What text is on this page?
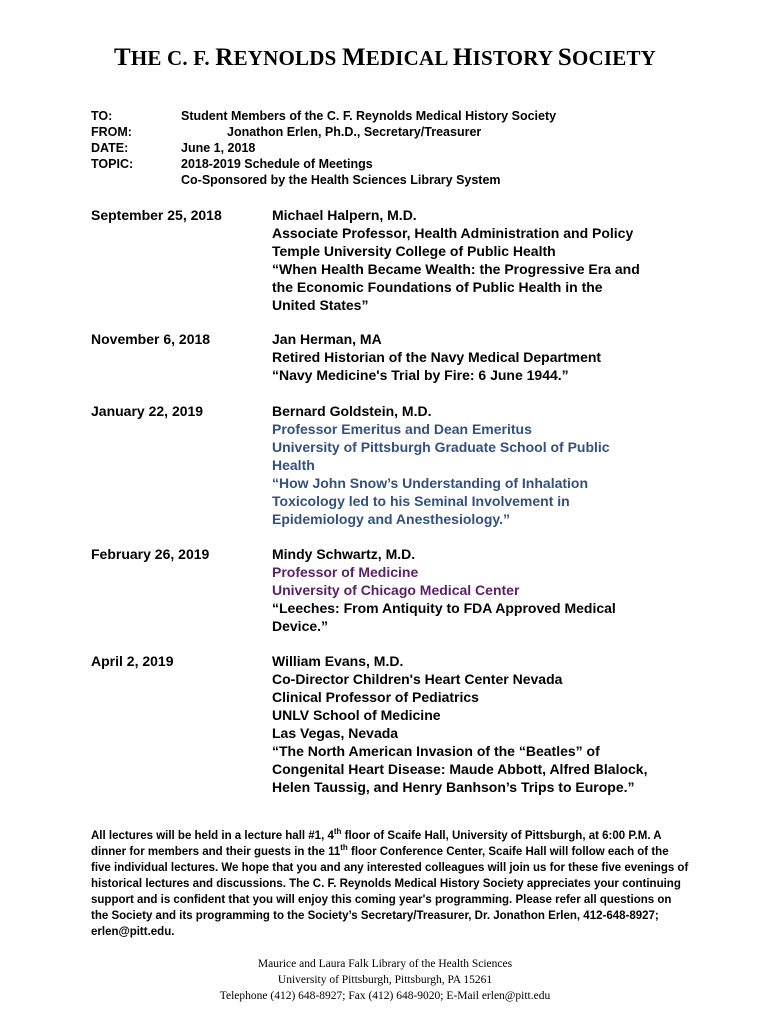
THE C. F. REYNOLDS MEDICAL HISTORY SOCIETY
TO:	Student Members of the C. F. Reynolds Medical History Society
FROM:	Jonathon Erlen, Ph.D., Secretary/Treasurer
DATE:	June 1, 2018
TOPIC:	2018-2019 Schedule of Meetings
Co-Sponsored by the Health Sciences Library System
September 25, 2018	Michael Halpern, M.D.
Associate Professor, Health Administration and Policy
Temple University College of Public Health
“When Health Became Wealth: the Progressive Era and
the Economic Foundations of Public Health in the
United States”
November 6, 2018	Jan Herman, MA
Retired Historian of the Navy Medical Department
“Navy Medicine's Trial by Fire: 6 June 1944.”
January 22, 2019	Bernard Goldstein, M.D.
Professor Emeritus and Dean Emeritus
University of Pittsburgh Graduate School of Public
Health
“How John Snow’s Understanding of Inhalation
Toxicology led to his Seminal Involvement in
Epidemiology and Anesthesiology.”
February 26, 2019	Mindy Schwartz, M.D.
Professor of Medicine
University of Chicago Medical Center
“Leeches: From Antiquity to FDA Approved Medical
Device.”
April 2, 2019	William Evans, M.D.
Co-Director Children's Heart Center Nevada
Clinical Professor of Pediatrics
UNLV School of Medicine
Las Vegas, Nevada
“The North American Invasion of the “Beatles” of
Congenital Heart Disease: Maude Abbott, Alfred Blalock,
Helen Taussig, and Henry Banhson’s Trips to Europe.”
All lectures will be held in a lecture hall #1, 4th floor of Scaife Hall, University of Pittsburgh, at 6:00 P.M. A dinner for members and their guests in the 11th floor Conference Center, Scaife Hall will follow each of the five individual lectures. We hope that you and any interested colleagues will join us for these five evenings of historical lectures and discussions. The C. F. Reynolds Medical History Society appreciates your continuing support and is confident that you will enjoy this coming year's programming. Please refer all questions on the Society and its programming to the Society’s Secretary/Treasurer, Dr. Jonathon Erlen, 412-648-8927; erlen@pitt.edu.
Maurice and Laura Falk Library of the Health Sciences
University of Pittsburgh, Pittsburgh, PA 15261
Telephone (412) 648-8927; Fax (412) 648-9020; E-Mail erlen@pitt.edu
